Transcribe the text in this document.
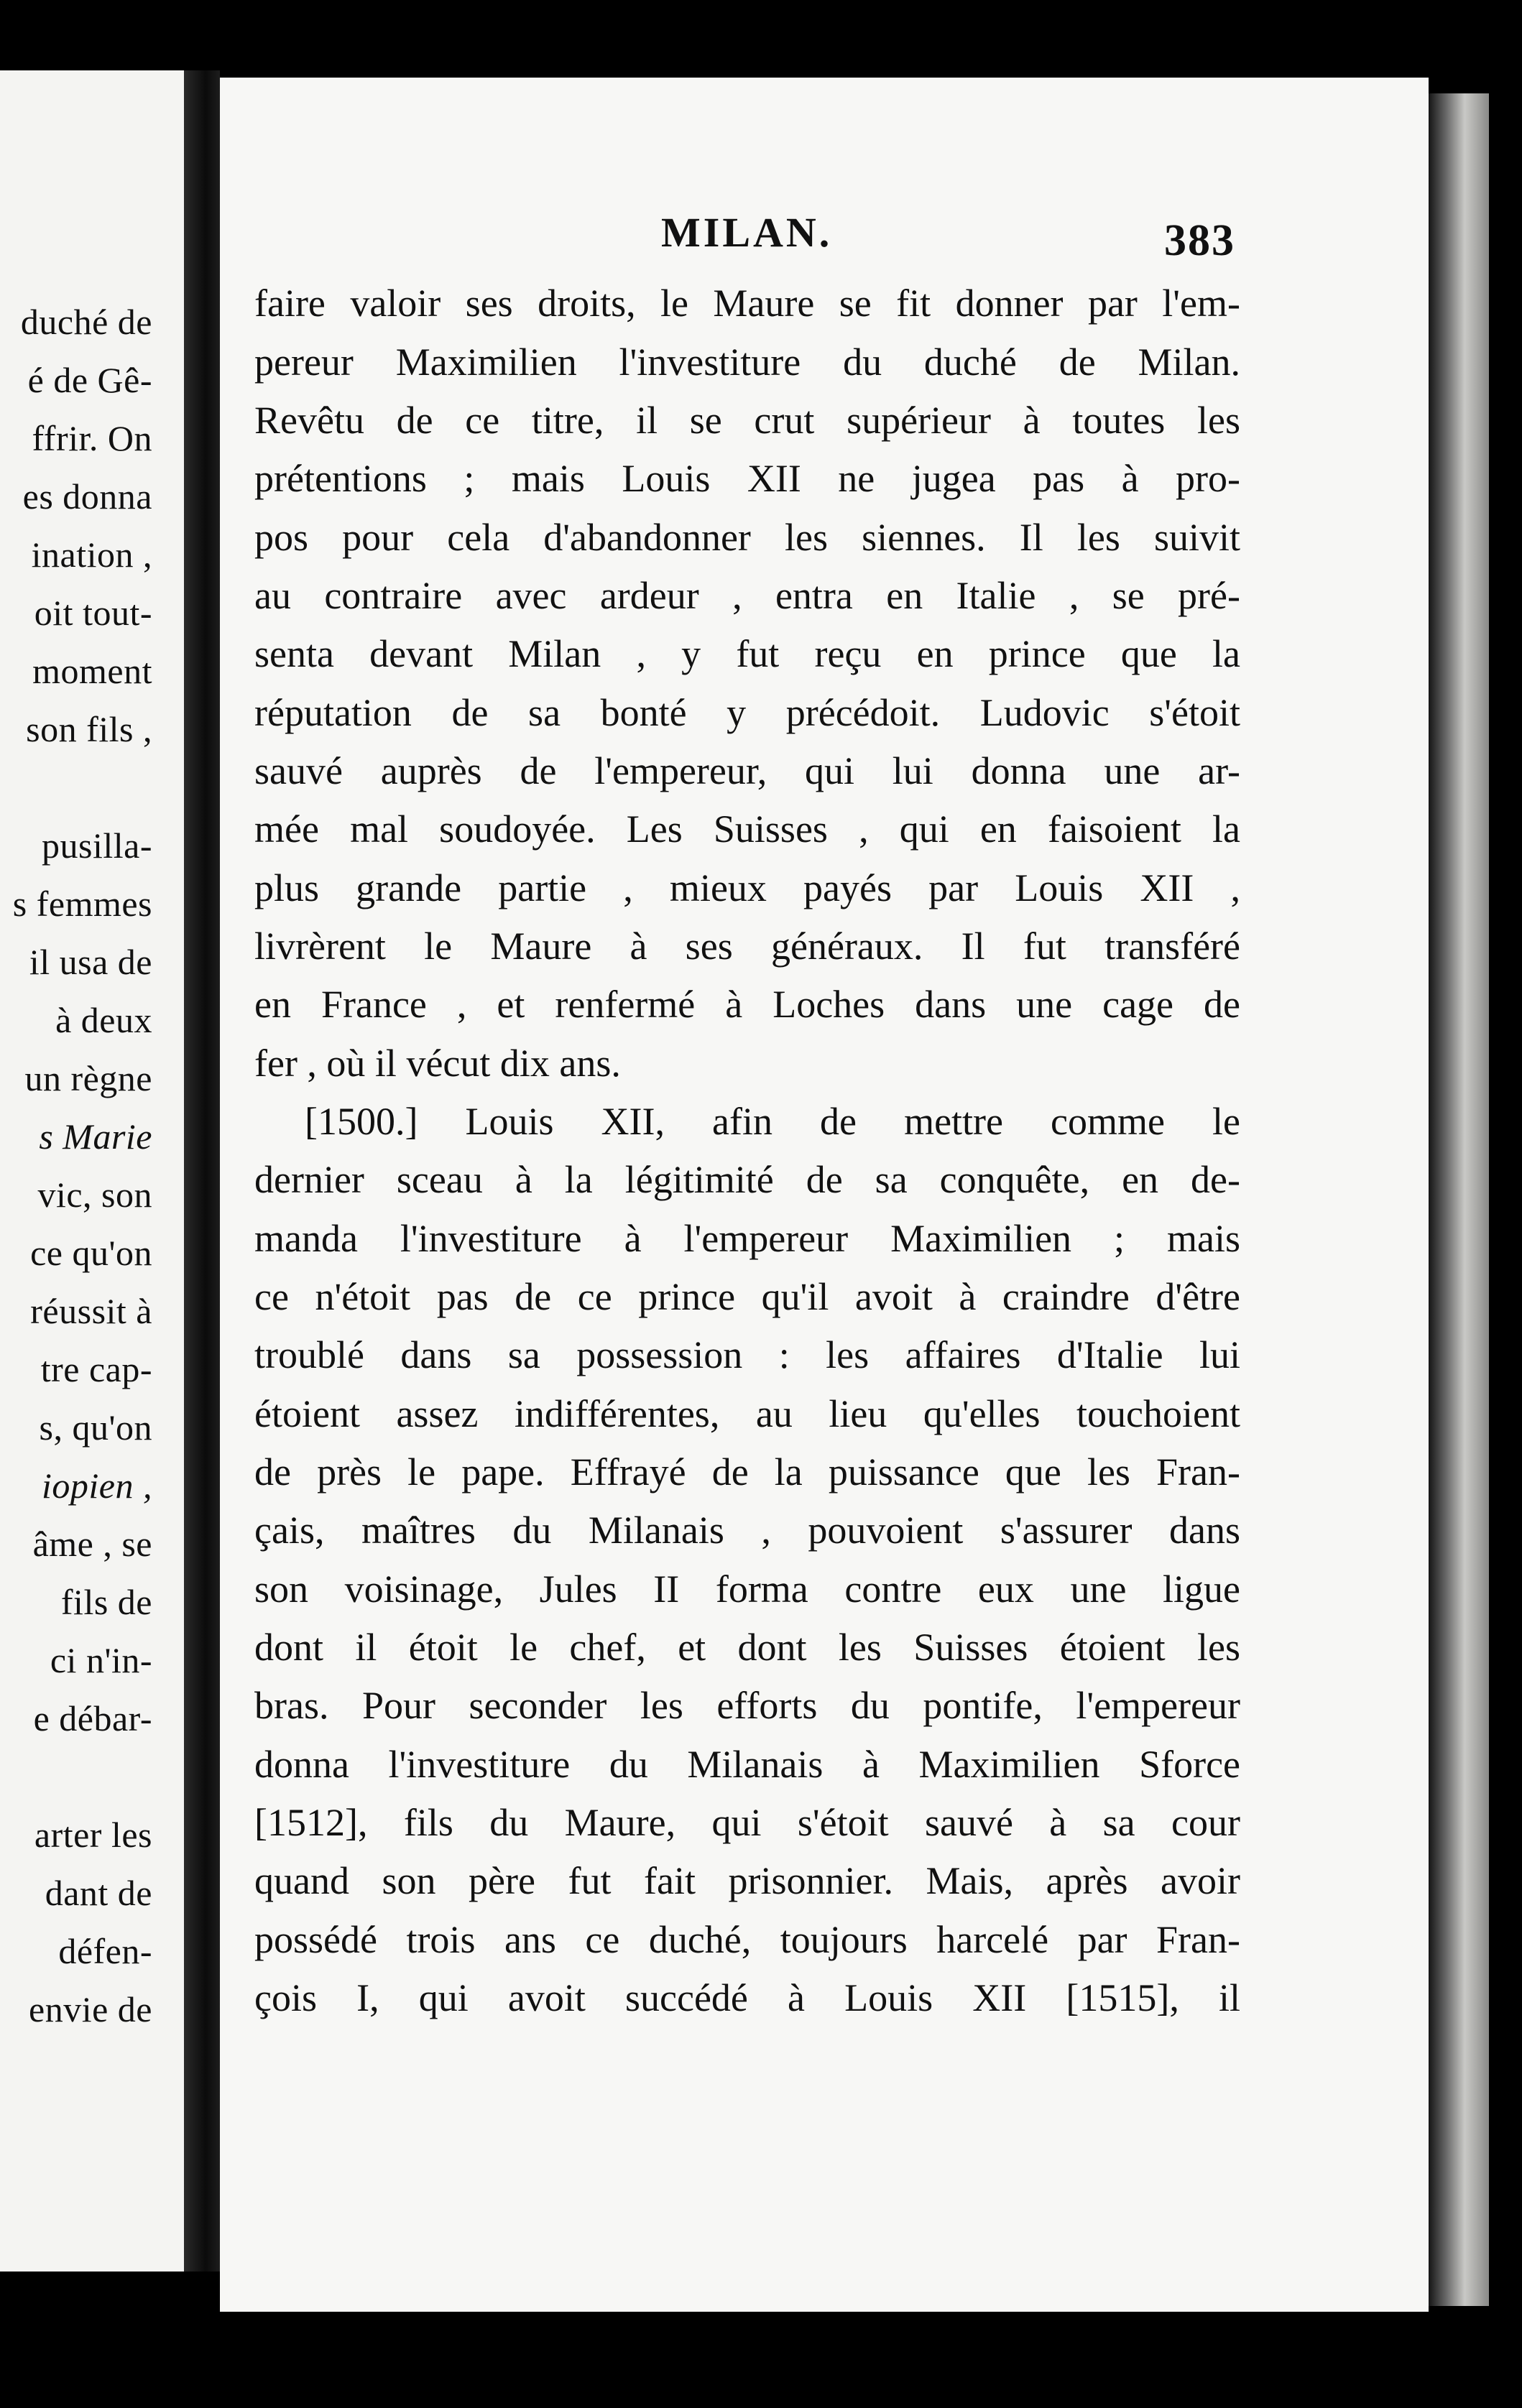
duché de
é de Gê-
ffrir. On
es donna
ination ,
oit tout-
moment
son fils ,
pusilla-
s femmes
il usa de
à deux
un règne
s Marie
vic, son
ce qu'on
réussit à
tre cap-
s, qu'on
iopien ,
âme , se
fils de
ci n'in-
e débar-
arter les
dant de
défen-
envie de
MILAN.	383
faire valoir ses droits, le Maure se fit donner par l'em-
pereur Maximilien l'investiture du duché de Milan.
Revêtu de ce titre, il se crut supérieur à toutes les
prétentions ; mais Louis XII ne jugea pas à pro-
pos pour cela d'abandonner les siennes. Il les suivit
au contraire avec ardeur , entra en Italie , se pré-
senta devant Milan , y fut reçu en prince que la
réputation de sa bonté y précédoit. Ludovic s'étoit
sauvé auprès de l'empereur, qui lui donna une ar-
mée mal soudoyée. Les Suisses , qui en faisoient la
plus grande partie , mieux payés par Louis XII ,
livrèrent le Maure à ses généraux. Il fut transféré
en France , et renfermé à Loches dans une cage de
fer , où il vécut dix ans.
[1500.] Louis XII, afin de mettre comme le
dernier sceau à la légitimité de sa conquête, en de-
manda l'investiture à l'empereur Maximilien ; mais
ce n'étoit pas de ce prince qu'il avoit à craindre d'être
troublé dans sa possession : les affaires d'Italie lui
étoient assez indifférentes, au lieu qu'elles touchoient
de près le pape. Effrayé de la puissance que les Fran-
çais, maîtres du Milanais , pouvoient s'assurer dans
son voisinage, Jules II forma contre eux une ligue
dont il étoit le chef, et dont les Suisses étoient les
bras. Pour seconder les efforts du pontife, l'empereur
donna l'investiture du Milanais à Maximilien Sforce
[1512], fils du Maure, qui s'étoit sauvé à sa cour
quand son père fut fait prisonnier. Mais, après avoir
possédé trois ans ce duché, toujours harcelé par Fran-
çois I, qui avoit succédé à Louis XII [1515], il
